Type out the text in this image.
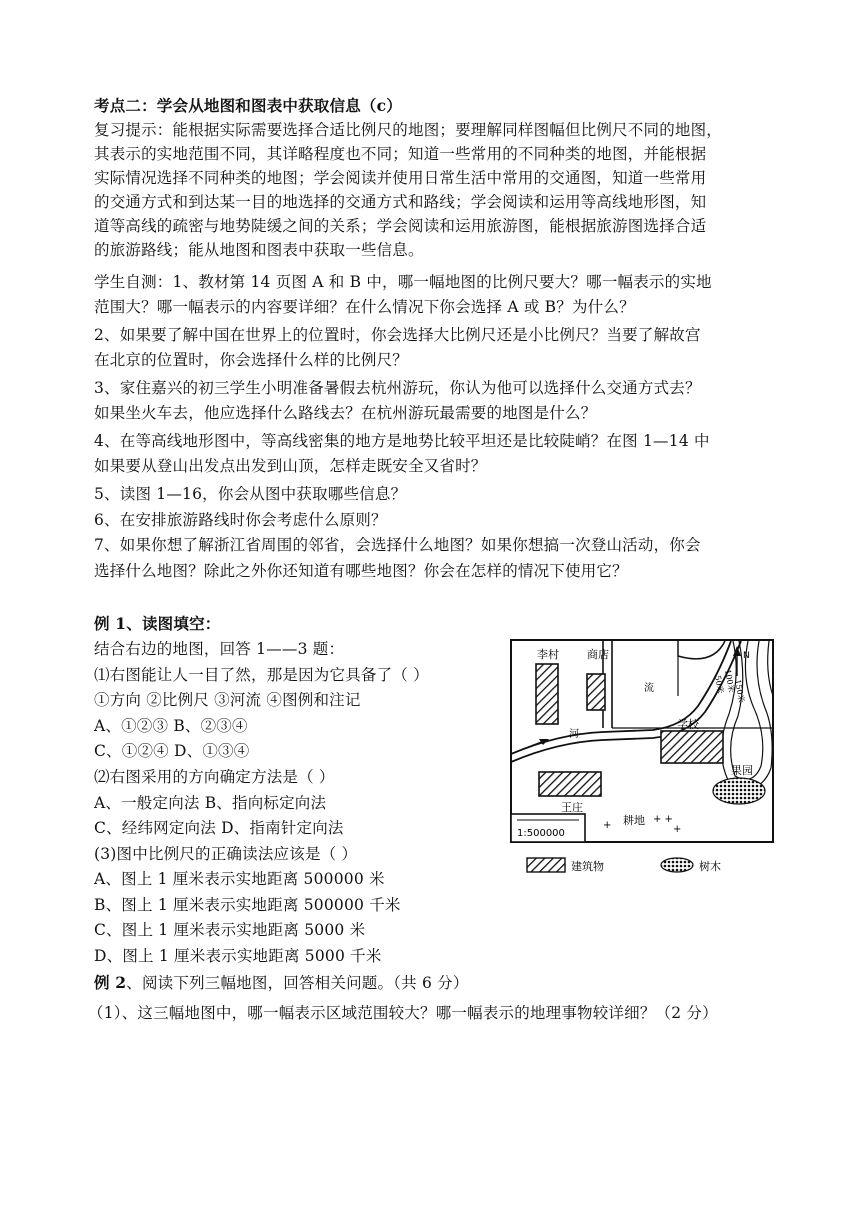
考点二：学会从地图和图表中获取信息（c）
复习提示：能根据实际需要选择合适比例尺的地图；要理解同样图幅但比例尺不同的地图，
其表示的实地范围不同，其详略程度也不同；知道一些常用的不同种类的地图，并能根据
实际情况选择不同种类的地图；学会阅读并使用日常生活中常用的交通图，知道一些常用
的交通方式和到达某一目的地选择的交通方式和路线；学会阅读和运用等高线地形图，知
道等高线的疏密与地势陡缓之间的关系；学会阅读和运用旅游图，能根据旅游图选择合适
的旅游路线；能从地图和图表中获取一些信息。
学生自测：1、教材第 14 页图 A 和 B 中，哪一幅地图的比例尺要大？哪一幅表示的实地
范围大？哪一幅表示的内容要详细？在什么情况下你会选择 A 或 B？为什么？
2、如果要了解中国在世界上的位置时，你会选择大比例尺还是小比例尺？当要了解故宫
在北京的位置时，你会选择什么样的比例尺？
3、家住嘉兴的初三学生小明准备暑假去杭州游玩，你认为他可以选择什么交通方式去？
如果坐火车去，他应选择什么路线去？在杭州游玩最需要的地图是什么？
4、在等高线地形图中，等高线密集的地方是地势比较平坦还是比较陡峭？在图 1—14 中
如果要从登山出发点出发到山顶，怎样走既安全又省时？
5、读图 1—16，你会从图中获取哪些信息？
6、在安排旅游路线时你会考虑什么原则？
7、如果你想了解浙江省周围的邻省，会选择什么地图？如果你想搞一次登山活动，你会
选择什么地图？除此之外你还知道有哪些地图？你会在怎样的情况下使用它？
例 1、读图填空：
结合右边的地图，回答 1——3 题：
⑴右图能让人一目了然，那是因为它具备了（ ）
①方向 ②比例尺 ③河流 ④图例和注记
A、①②③ B、②③④
C、①②④ D、①③④
⑵右图采用的方向确定方法是（ ）
A、一般定向法 B、指向标定向法
C、经纬网定向法 D、指南针定向法
(3)图中比例尺的正确读法应该是（ ）
A、图上 1 厘米表示实地距离 500000 米
B、图上 1 厘米表示实地距离 500000 千米
C、图上 1 厘米表示实地距离 5000 米
D、图上 1 厘米表示实地距离 5000 千米
例 2、阅读下列三幅地图，回答相关问题。（共 6 分）
（1）、这三幅地图中，哪一幅表示区域范围较大？哪一幅表示的地理事物较详细？（2 分）
N
李村	商店
流
河
学校
果园
王庄
耕地
+
+ +
+
50米
100米
150米
1:500000
建筑物	树木
